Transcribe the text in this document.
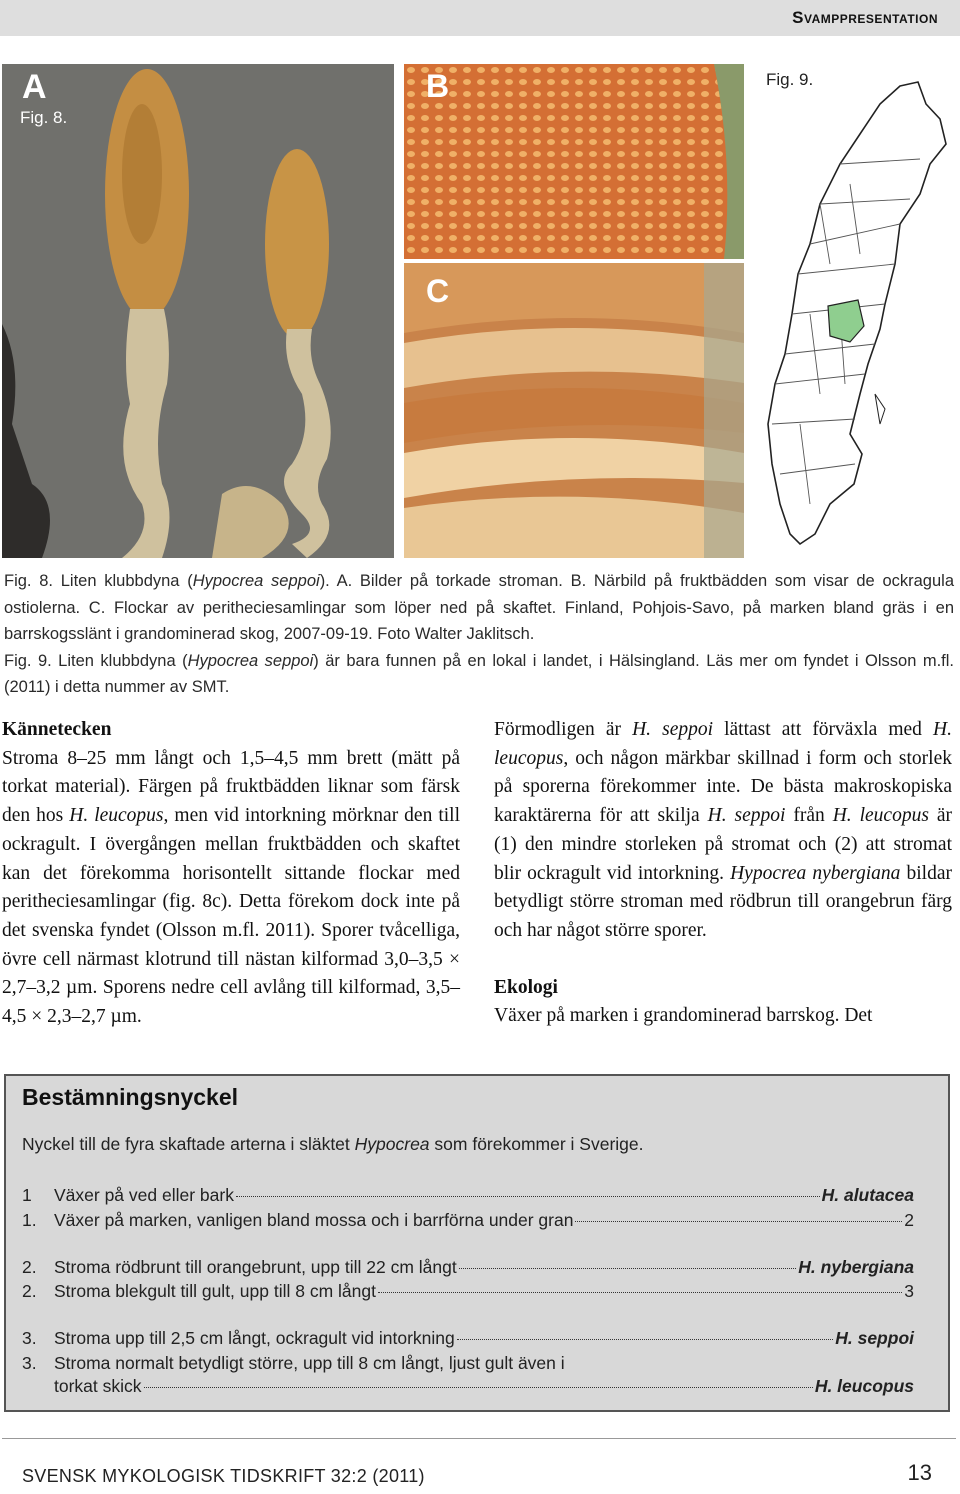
Svamppresentation
A
Fig. 8.
B
C
Fig. 9.

Fig. 8. Liten klubbdyna (Hypocrea seppoi). A. Bilder på torkade stroman. B. Närbild på fruktbädden som visar de ockragula ostiolerna. C. Flockar av peritheciesamlingar som löper ned på skaftet. Finland, Pohjois-Savo, på marken bland gräs i en barrskogsslänt i grandominerad skog, 2007-09-19. Foto Walter Jaklitsch.

Fig. 9. Liten klubbdyna (Hypocrea seppoi) är bara funnen på en lokal i landet, i Hälsingland. Läs mer om fyndet i Olsson m.fl. (2011) i detta nummer av SMT.

Kännetecken

Stroma 8–25 mm långt och 1,5–4,5 mm brett (mätt på torkat material). Färgen på fruktbädden liknar som färsk den hos H. leucopus, men vid intorkning mörknar den till ockragult. I övergången mellan fruktbädden och skaftet kan det förekomma horisontellt sittande flockar med peritheciesamlingar (fig. 8c). Detta förekom dock inte på det svenska fyndet (Olsson m.fl. 2011). Sporer tvåcelliga, övre cell närmast klotrund till nästan kilformad 3,0–3,5 × 2,7–3,2 µm. Sporens nedre cell avlång till kilformad, 3,5–4,5 × 2,3–2,7 µm.

Förmodligen är H. seppoi lättast att förväxla med H. leucopus, och någon märkbar skillnad i form och storlek på sporerna förekommer inte. De bästa makroskopiska karaktärerna för att skilja H. seppoi från H. leucopus är (1) den mindre storleken på stromat och (2) att stromat blir ockragult vid intorkning. Hypocrea nybergiana bildar betydligt större stroman med rödbrun till orangebrun färg och har något större sporer.

Ekologi

Växer på marken i grandominerad barrskog. Det

Bestämningsnyckel
Nyckel till de fyra skaftade arterna i släktet Hypocrea som förekommer i Sverige.
1	Växer på ved eller bark	H. alutacea
1. Växer på marken, vanligen bland mossa och i barrförna under gran	2
2. Stroma rödbrunt till orangebrunt, upp till 22 cm långt	H. nybergiana
2. Stroma blekgult till gult, upp till 8 cm långt	3
3. Stroma upp till 2,5 cm långt, ockragult vid intorkning	H. seppoi
3. Stroma normalt betydligt större, upp till 8 cm långt, ljust gult även i
torkat skick	H. leucopus
SVENSK MYKOLOGISK TIDSKRIFT 32:2 (2011)	13
